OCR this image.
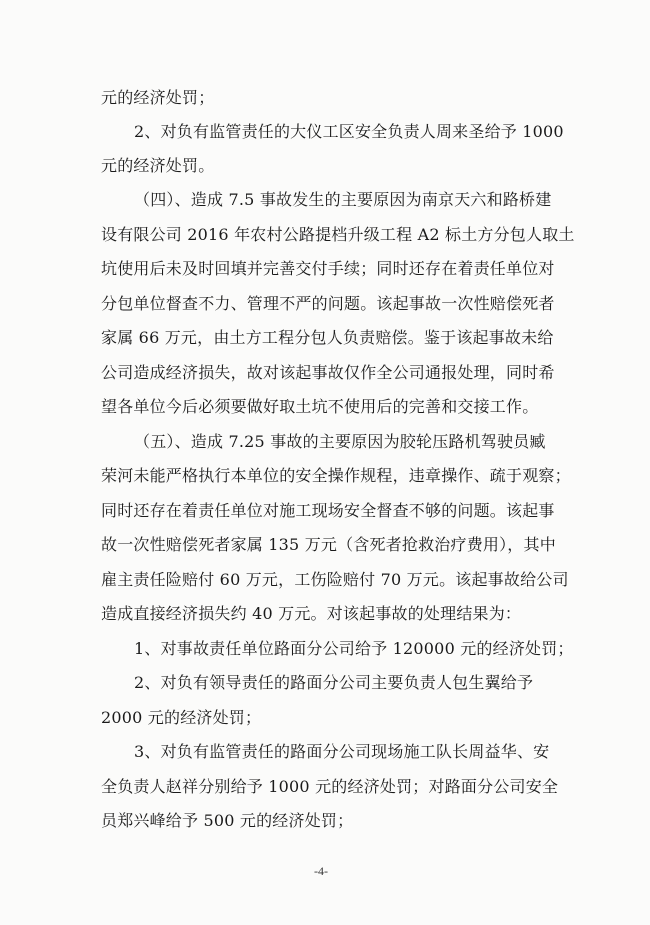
元的经济处罚；
2、对负有监管责任的大仪工区安全负责人周来圣给予 1000
元的经济处罚。
（四）、造成 7.5 事故发生的主要原因为南京天六和路桥建
设有限公司 2016 年农村公路提档升级工程 A2 标土方分包人取土
坑使用后未及时回填并完善交付手续；同时还存在着责任单位对
分包单位督查不力、管理不严的问题。该起事故一次性赔偿死者
家属 66 万元，由土方工程分包人负责赔偿。鉴于该起事故未给
公司造成经济损失，故对该起事故仅作全公司通报处理，同时希
望各单位今后必须要做好取土坑不使用后的完善和交接工作。
（五）、造成 7.25 事故的主要原因为胶轮压路机驾驶员臧
荣河未能严格执行本单位的安全操作规程，违章操作、疏于观察；
同时还存在着责任单位对施工现场安全督查不够的问题。该起事
故一次性赔偿死者家属 135 万元（含死者抢救治疗费用），其中
雇主责任险赔付 60 万元，工伤险赔付 70 万元。该起事故给公司
造成直接经济损失约 40 万元。对该起事故的处理结果为：
1、对事故责任单位路面分公司给予 120000 元的经济处罚；
2、对负有领导责任的路面分公司主要负责人包生翼给予
2000 元的经济处罚；
3、对负有监管责任的路面分公司现场施工队长周益华、安
全负责人赵祥分别给予 1000 元的经济处罚；对路面分公司安全
员郑兴峰给予 500 元的经济处罚；
-4-
